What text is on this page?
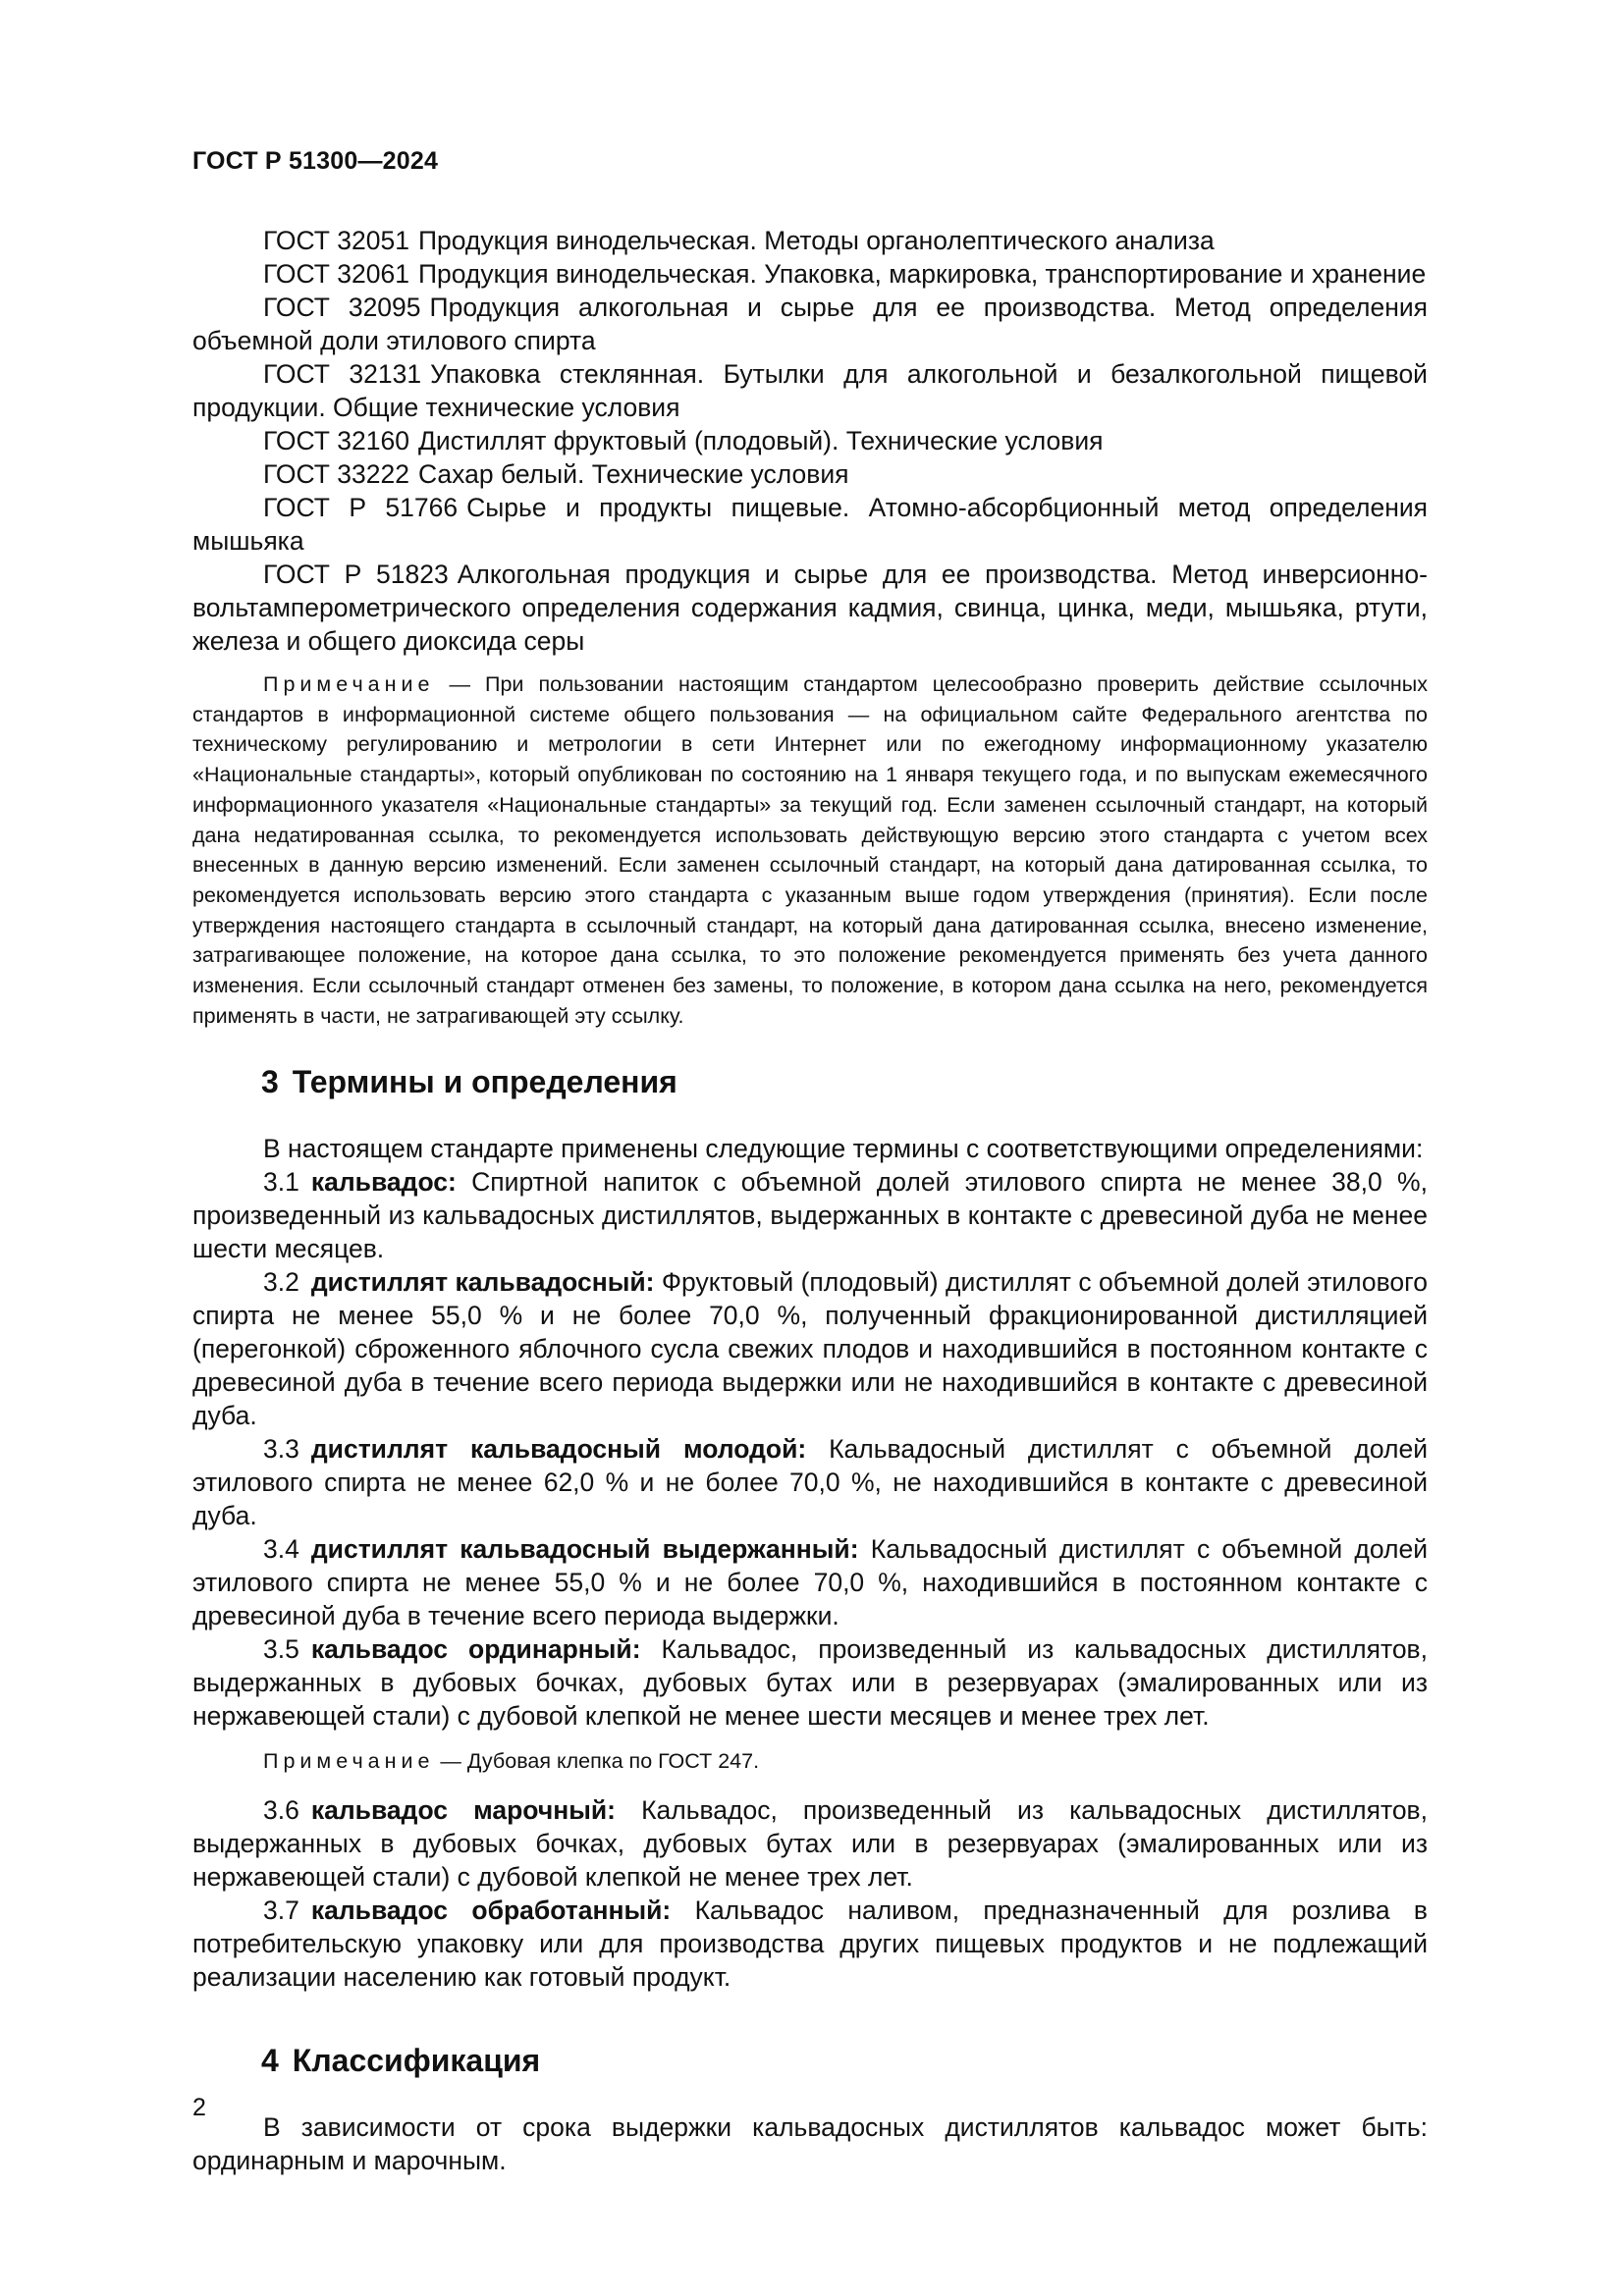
ГОСТ Р 51300—2024

ГОСТ 32051 Продукция винодельческая. Методы органолептического анализа

ГОСТ 32061 Продукция винодельческая. Упаковка, маркировка, транспортирование и хранение

ГОСТ 32095 Продукция алкогольная и сырье для ее производства. Метод определения объемной доли этилового спирта

ГОСТ 32131 Упаковка стеклянная. Бутылки для алкогольной и безалкогольной пищевой продукции. Общие технические условия

ГОСТ 32160 Дистиллят фруктовый (плодовый). Технические условия

ГОСТ 33222 Сахар белый. Технические условия

ГОСТ Р 51766 Сырье и продукты пищевые. Атомно-абсорбционный метод определения мышьяка

ГОСТ Р 51823 Алкогольная продукция и сырье для ее производства. Метод инверсионно-вольтамперометрического определения содержания кадмия, свинца, цинка, меди, мышьяка, ртути, железа и общего диоксида серы

Примечание — При пользовании настоящим стандартом целесообразно проверить действие ссылочных стандартов в информационной системе общего пользования — на официальном сайте Федерального агентства по техническому регулированию и метрологии в сети Интернет или по ежегодному информационному указателю «Национальные стандарты», который опубликован по состоянию на 1 января текущего года, и по выпускам ежемесячного информационного указателя «Национальные стандарты» за текущий год. Если заменен ссылочный стандарт, на который дана недатированная ссылка, то рекомендуется использовать действующую версию этого стандарта с учетом всех внесенных в данную версию изменений. Если заменен ссылочный стандарт, на который дана датированная ссылка, то рекомендуется использовать версию этого стандарта с указанным выше годом утверждения (принятия). Если после утверждения настоящего стандарта в ссылочный стандарт, на который дана датированная ссылка, внесено изменение, затрагивающее положение, на которое дана ссылка, то это положение рекомендуется применять без учета данного изменения. Если ссылочный стандарт отменен без замены, то положение, в котором дана ссылка на него, рекомендуется применять в части, не затрагивающей эту ссылку.

3 Термины и определения

В настоящем стандарте применены следующие термины с соответствующими определениями:

3.1 кальвадос: Спиртной напиток с объемной долей этилового спирта не менее 38,0 %, произведенный из кальвадосных дистиллятов, выдержанных в контакте с древесиной дуба не менее шести месяцев.

3.2 дистиллят кальвадосный: Фруктовый (плодовый) дистиллят с объемной долей этилового спирта не менее 55,0 % и не более 70,0 %, полученный фракционированной дистилляцией (перегонкой) сброженного яблочного сусла свежих плодов и находившийся в постоянном контакте с древесиной дуба в течение всего периода выдержки или не находившийся в контакте с древесиной дуба.

3.3 дистиллят кальвадосный молодой: Кальвадосный дистиллят с объемной долей этилового спирта не менее 62,0 % и не более 70,0 %, не находившийся в контакте с древесиной дуба.

3.4 дистиллят кальвадосный выдержанный: Кальвадосный дистиллят с объемной долей этилового спирта не менее 55,0 % и не более 70,0 %, находившийся в постоянном контакте с древесиной дуба в течение всего периода выдержки.

3.5 кальвадос ординарный: Кальвадос, произведенный из кальвадосных дистиллятов, выдержанных в дубовых бочках, дубовых бутах или в резервуарах (эмалированных или из нержавеющей стали) с дубовой клепкой не менее шести месяцев и менее трех лет.

Примечание — Дубовая клепка по ГОСТ 247.

3.6 кальвадос марочный: Кальвадос, произведенный из кальвадосных дистиллятов, выдержанных в дубовых бочках, дубовых бутах или в резервуарах (эмалированных или из нержавеющей стали) с дубовой клепкой не менее трех лет.

3.7 кальвадос обработанный: Кальвадос наливом, предназначенный для розлива в потребительскую упаковку или для производства других пищевых продуктов и не подлежащий реализации населению как готовый продукт.

4 Классификация

В зависимости от срока выдержки кальвадосных дистиллятов кальвадос может быть: ординарным и марочным.

2
